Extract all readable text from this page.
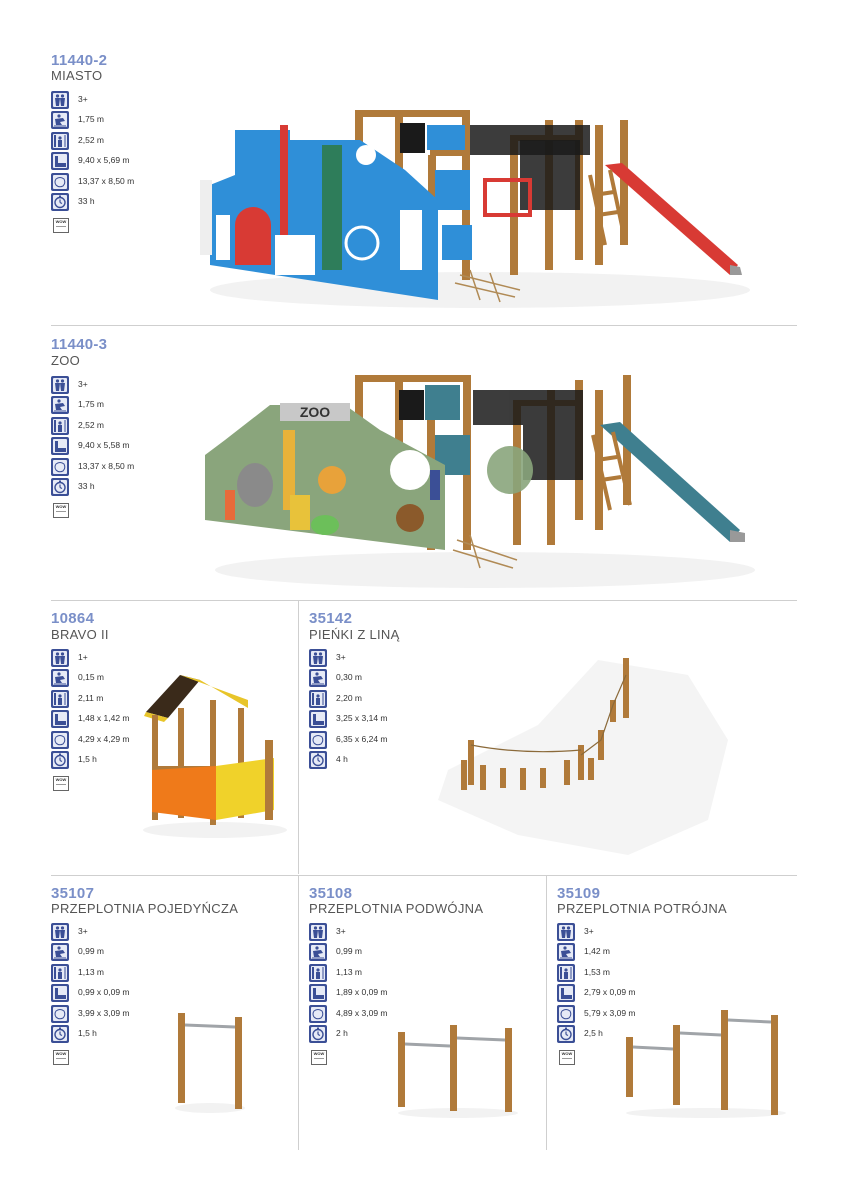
11440-2
MIASTO
3+
1,75 m
2,52 m
9,40 x 5,69 m
13,37 x 8,50 m
33 h
WOW
11440-3
ZOO
3+
1,75 m
2,52 m
9,40 x 5,58 m
13,37 x 8,50 m
33 h
WOW
ZOO
10864
BRAVO II
1+
0,15 m
2,11 m
1,48 x 1,42 m
4,29 x 4,29 m
1,5 h
WOW
35142
PIEŃKI Z LINĄ
3+
0,30 m
2,20 m
3,25 x 3,14 m
6,35 x 6,24 m
4 h
35107
PRZEPLOTNIA POJEDYŃCZA
3+
0,99 m
1,13 m
0,99 x 0,09 m
3,99 x 3,09 m
1,5 h
WOW
35108
PRZEPLOTNIA PODWÓJNA
3+
0,99 m
1,13 m
1,89 x 0,09 m
4,89 x 3,09 m
2 h
WOW
35109
PRZEPLOTNIA POTRÓJNA
3+
1,42 m
1,53 m
2,79 x 0,09 m
5,79 x 3,09 m
2,5 h
WOW
